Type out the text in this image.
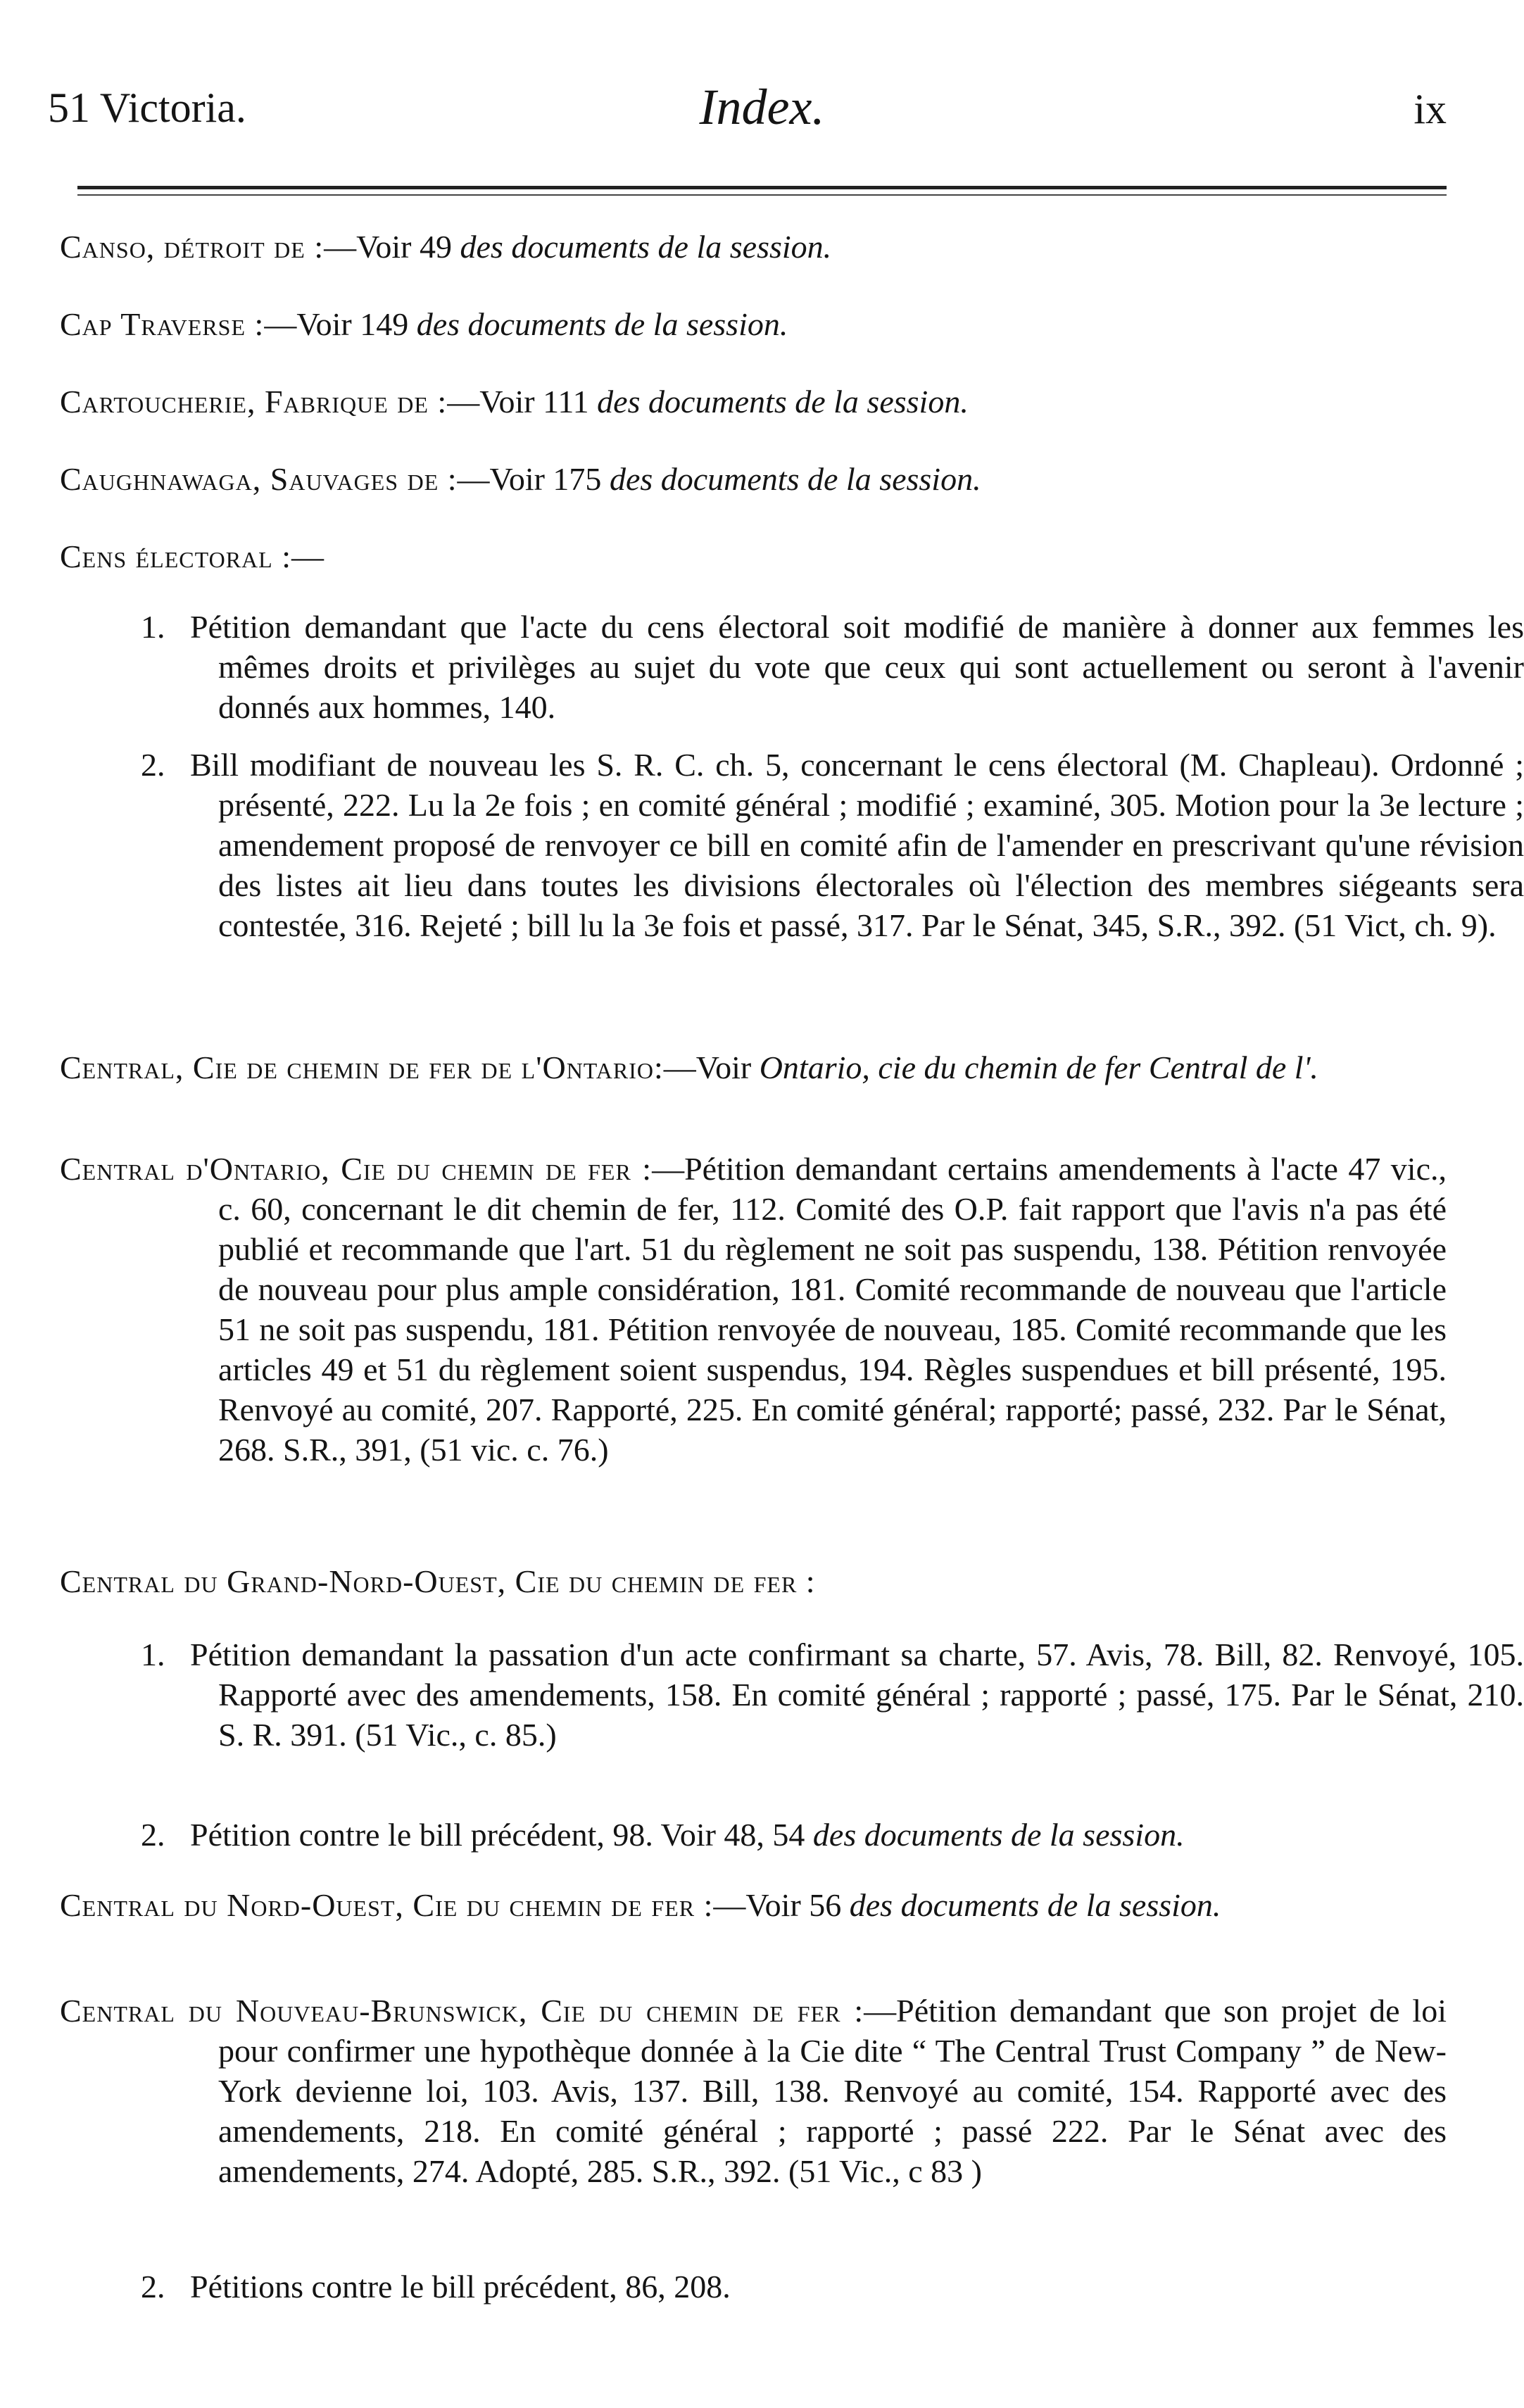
51 Victoria.	Index.	ix

Canso, détroit de :—Voir 49 des documents de la session.

Cap Traverse :—Voir 149 des documents de la session.

Cartoucherie, Fabrique de :—Voir 111 des documents de la session.

Caughnawaga, Sauvages de :—Voir 175 des documents de la session.

Cens électoral :—

1. Pétition demandant que l'acte du cens électoral soit modifié de manière à donner aux femmes les mêmes droits et privilèges au sujet du vote que ceux qui sont actuellement ou seront à l'avenir donnés aux hommes, 140.

2. Bill modifiant de nouveau les S. R. C. ch. 5, concernant le cens électoral (M. Chapleau). Ordonné ; présenté, 222. Lu la 2e fois ; en comité général ; modifié ; examiné, 305. Motion pour la 3e lecture ; amendement proposé de renvoyer ce bill en comité afin de l'amender en prescrivant qu'une révision des listes ait lieu dans toutes les divisions électorales où l'élection des membres siégeants sera contestée, 316. Rejeté ; bill lu la 3e fois et passé, 317. Par le Sénat, 345, S.R., 392. (51 Vict, ch. 9).

Central, Cie de chemin de fer de l'Ontario:—Voir Ontario, cie du chemin de fer Central de l'.

Central d'Ontario, Cie du chemin de fer :—Pétition demandant certains amendements à l'acte 47 vic., c. 60, concernant le dit chemin de fer, 112. Comité des O.P. fait rapport que l'avis n'a pas été publié et recommande que l'art. 51 du règlement ne soit pas suspendu, 138. Pétition renvoyée de nouveau pour plus ample considération, 181. Comité recommande de nouveau que l'article 51 ne soit pas suspendu, 181. Pétition renvoyée de nouveau, 185. Comité recommande que les articles 49 et 51 du règlement soient suspendus, 194. Règles suspendues et bill présenté, 195. Renvoyé au comité, 207. Rapporté, 225. En comité général; rapporté; passé, 232. Par le Sénat, 268. S.R., 391, (51 vic. c. 76.)

Central du Grand-Nord-Ouest, Cie du chemin de fer :

1. Pétition demandant la passation d'un acte confirmant sa charte, 57. Avis, 78. Bill, 82. Renvoyé, 105. Rapporté avec des amendements, 158. En comité général ; rapporté ; passé, 175. Par le Sénat, 210. S. R. 391. (51 Vic., c. 85.)

2. Pétition contre le bill précédent, 98. Voir 48, 54 des documents de la session.

Central du Nord-Ouest, Cie du chemin de fer :—Voir 56 des documents de la session.

Central du Nouveau-Brunswick, Cie du chemin de fer :—Pétition demandant que son projet de loi pour confirmer une hypothèque donnée à la Cie dite “ The Central Trust Company ” de New-York devienne loi, 103. Avis, 137. Bill, 138. Renvoyé au comité, 154. Rapporté avec des amendements, 218. En comité général ; rapporté ; passé 222. Par le Sénat avec des amendements, 274. Adopté, 285. S.R., 392. (51 Vic., c 83 )

2. Pétitions contre le bill précédent, 86, 208.
